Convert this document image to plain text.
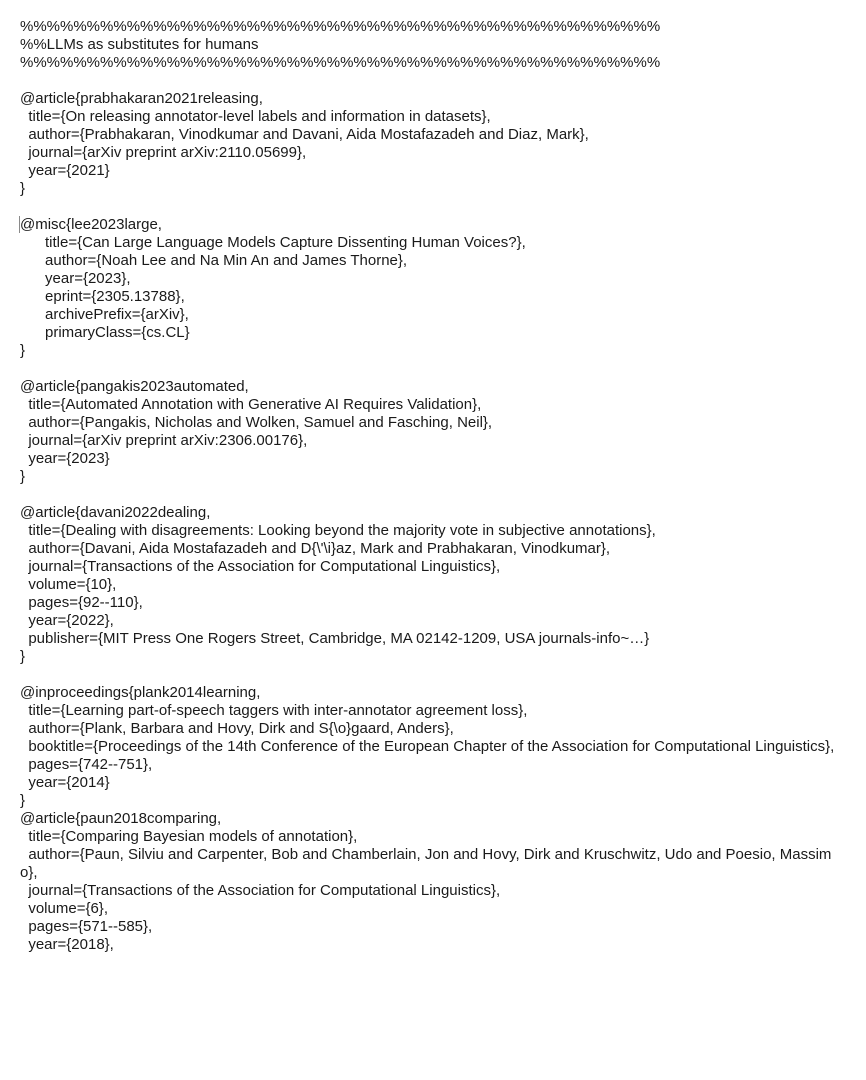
%%%%%%%%%%%%%%%%%%%%%%%%%%%%%%%%%%%%%%%%%%%%%%%%
%%LLMs as substitutes for humans
%%%%%%%%%%%%%%%%%%%%%%%%%%%%%%%%%%%%%%%%%%%%%%%%
@article{prabhakaran2021releasing,
title={On releasing annotator-level labels and information in datasets},
author={Prabhakaran, Vinodkumar and Davani, Aida Mostafazadeh and Diaz, Mark},
journal={arXiv preprint arXiv:2110.05699},
year={2021}
}
@misc{lee2023large,
title={Can Large Language Models Capture Dissenting Human Voices?},
author={Noah Lee and Na Min An and James Thorne},
year={2023},
eprint={2305.13788},
archivePrefix={arXiv},
primaryClass={cs.CL}
}
@article{pangakis2023automated,
title={Automated Annotation with Generative AI Requires Validation},
author={Pangakis, Nicholas and Wolken, Samuel and Fasching, Neil},
journal={arXiv preprint arXiv:2306.00176},
year={2023}
}
@article{davani2022dealing,
title={Dealing with disagreements: Looking beyond the majority vote in subjective annotations},
author={Davani, Aida Mostafazadeh and D{\'\i}az, Mark and Prabhakaran, Vinodkumar},
journal={Transactions of the Association for Computational Linguistics},
volume={10},
pages={92--110},
year={2022},
publisher={MIT Press One Rogers Street, Cambridge, MA 02142-1209, USA journals-info~…}
}
@inproceedings{plank2014learning,
title={Learning part-of-speech taggers with inter-annotator agreement loss},
author={Plank, Barbara and Hovy, Dirk and S{\o}gaard, Anders},
booktitle={Proceedings of the 14th Conference of the European Chapter of the Association for Computational Linguistics},
pages={742--751},
year={2014}
}
@article{paun2018comparing,
title={Comparing Bayesian models of annotation},
author={Paun, Silviu and Carpenter, Bob and Chamberlain, Jon and Hovy, Dirk and Kruschwitz, Udo and Poesio, Massimo},
journal={Transactions of the Association for Computational Linguistics},
volume={6},
pages={571--585},
year={2018},
